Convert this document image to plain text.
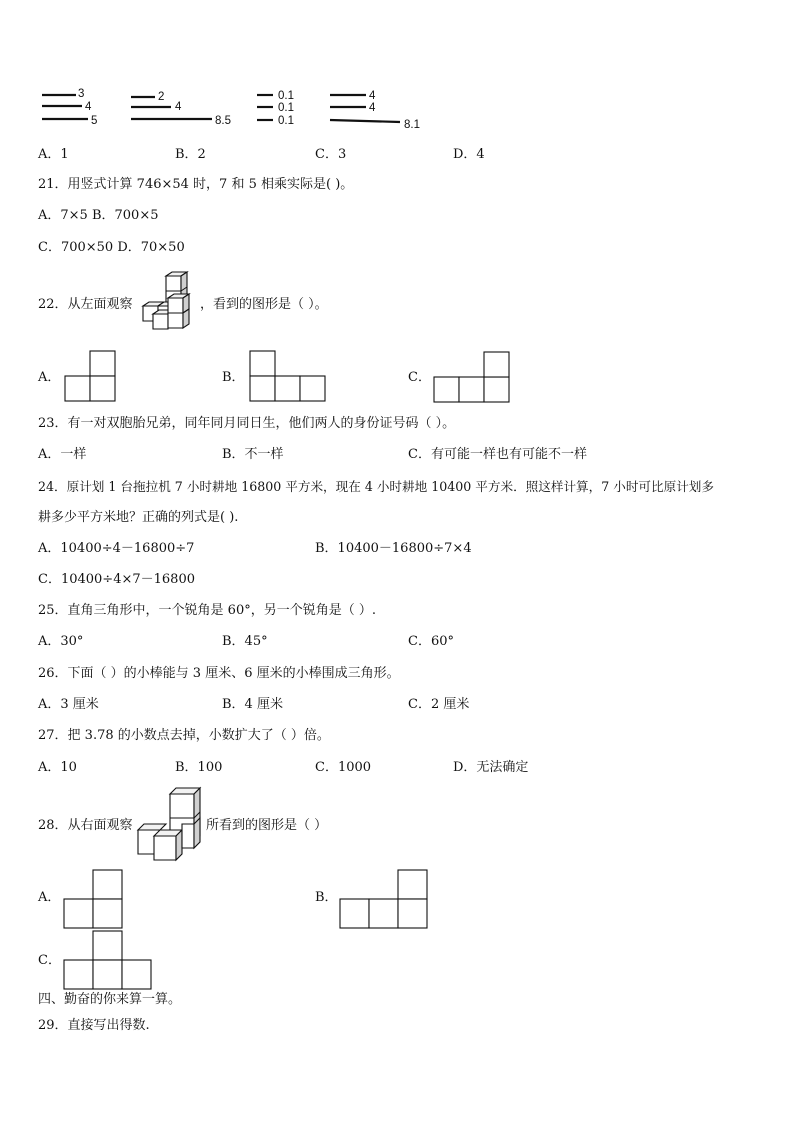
3
4
5
2
4
8.5
0.1
0.1
0.1
4
4
8.1
A．1	B．2	C．3	D．4
21．用竖式计算 746×54 时，7 和 5 相乘实际是( )。
A．7×5 B．700×5
C．700×50 D．70×50
22．从左面观察	，看到的图形是（ ）。
A．	B．	C．
23．有一对双胞胎兄弟，同年同月同日生，他们两人的身份证号码（ ）。
A．一样	B．不一样	C．有可能一样也有可能不一样
24．原计划 1 台拖拉机 7 小时耕地 16800 平方米，现在 4 小时耕地 10400 平方米．照这样计算，7 小时可比原计划多
耕多少平方米地？正确的列式是( ).
A．10400÷4－16800÷7	B．10400－16800÷7×4
C．10400÷4×7－16800
25．直角三角形中，一个锐角是 60°，另一个锐角是（ ）.
A．30°	B．45°	C．60°
26．下面（ ）的小棒能与 3 厘米、6 厘米的小棒围成三角形。
A．3 厘米	B．4 厘米	C．2 厘米
27．把 3.78 的小数点去掉，小数扩大了（ ）倍。
A．10	B．100	C．1000	D．无法确定
28．从右面观察	所看到的图形是（ ）
A．	B．
C．
四、勤奋的你来算一算。
29．直接写出得数.
